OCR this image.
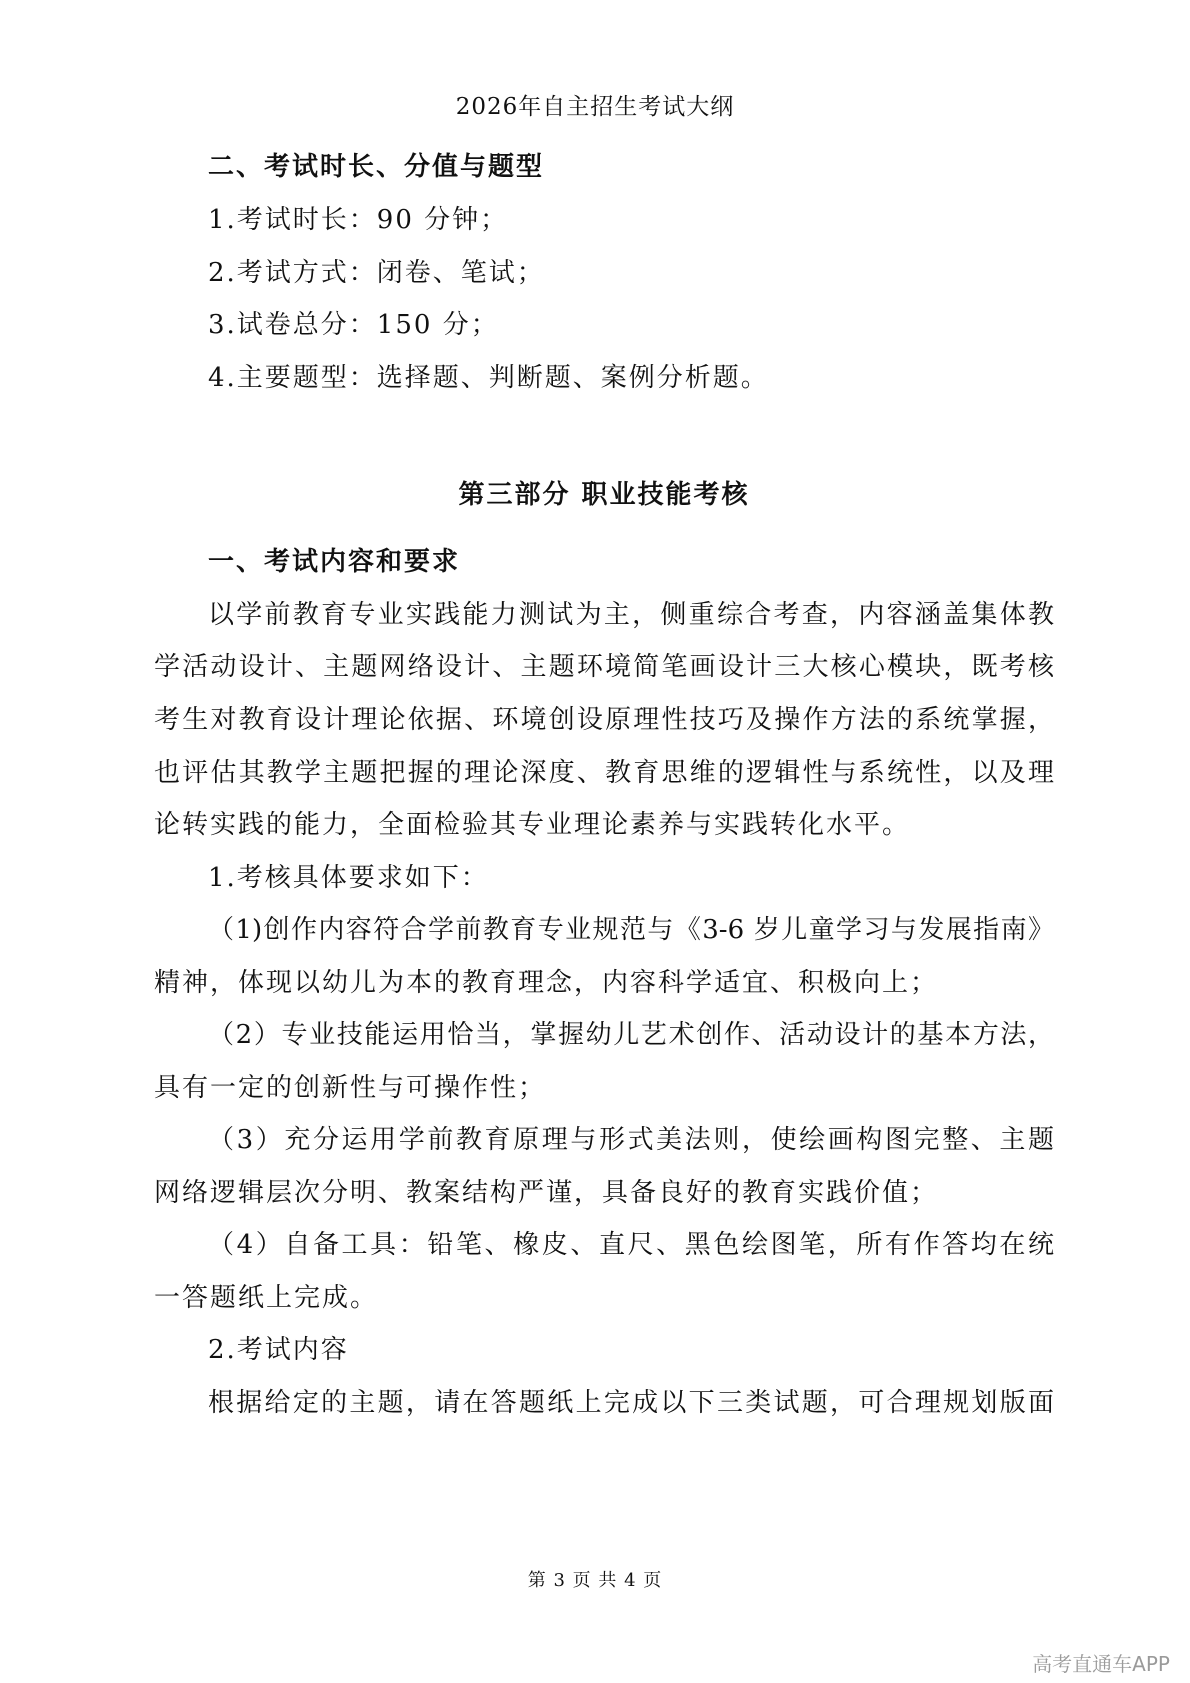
2026年自主招生考试大纲
二、考试时长、分值与题型
1.考试时长：90 分钟；
2.考试方式：闭卷、笔试；
3.试卷总分：150 分；
4.主要题型：选择题、判断题、案例分析题。
第三部分 职业技能考核
一、考试内容和要求
以学前教育专业实践能力测试为主，侧重综合考查，内容涵盖集体教
学活动设计、主题网络设计、主题环境简笔画设计三大核心模块，既考核
考生对教育设计理论依据、环境创设原理性技巧及操作方法的系统掌握，
也评估其教学主题把握的理论深度、教育思维的逻辑性与系统性，以及理
论转实践的能力，全面检验其专业理论素养与实践转化水平。
1.考核具体要求如下：
（1)创作内容符合学前教育专业规范与《3-6 岁儿童学习与发展指南》
精神，体现以幼儿为本的教育理念，内容科学适宜、积极向上；
（2）专业技能运用恰当，掌握幼儿艺术创作、活动设计的基本方法，
具有一定的创新性与可操作性；
（3）充分运用学前教育原理与形式美法则，使绘画构图完整、主题
网络逻辑层次分明、教案结构严谨，具备良好的教育实践价值；
（4）自备工具：铅笔、橡皮、直尺、黑色绘图笔，所有作答均在统
一答题纸上完成。
2.考试内容
根据给定的主题，请在答题纸上完成以下三类试题，可合理规划版面
第 3 页 共 4 页
高考直通车APP
